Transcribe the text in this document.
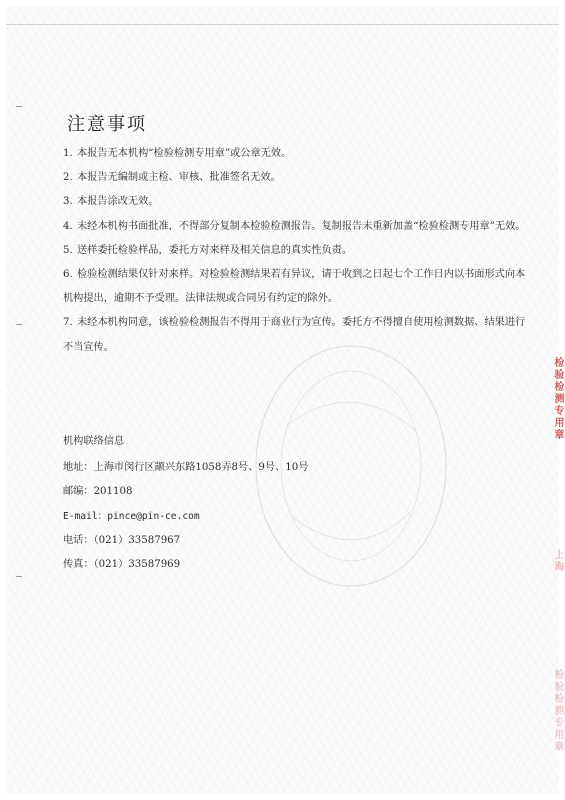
注意事项
1. 本报告无本机构“检验检测专用章”或公章无效。
2. 本报告无编制或主检、审核、批准签名无效。
3. 本报告涂改无效。
4. 未经本机构书面批准，不得部分复制本检验检测报告。复制报告未重新加盖“检验检测专用章”无效。
5. 送样委托检验样品，委托方对来样及相关信息的真实性负责。
6. 检验检测结果仅针对来样。对检验检测结果若有异议，请于收到之日起七个工作日内以书面形式向本机构提出，逾期不予受理。法律法规或合同另有约定的除外。
7. 未经本机构同意，该检验检测报告不得用于商业行为宣传。委托方不得擅自使用检测数据、结果进行不当宣传。
机构联络信息
地址：上海市闵行区颛兴东路1058弄8号、9号、10号
邮编：201108
E-mail：pince@pin-ce.com
电话：（021）33587967
传真：（021）33587969
检验检测专用章
上海
检验检测专用章
